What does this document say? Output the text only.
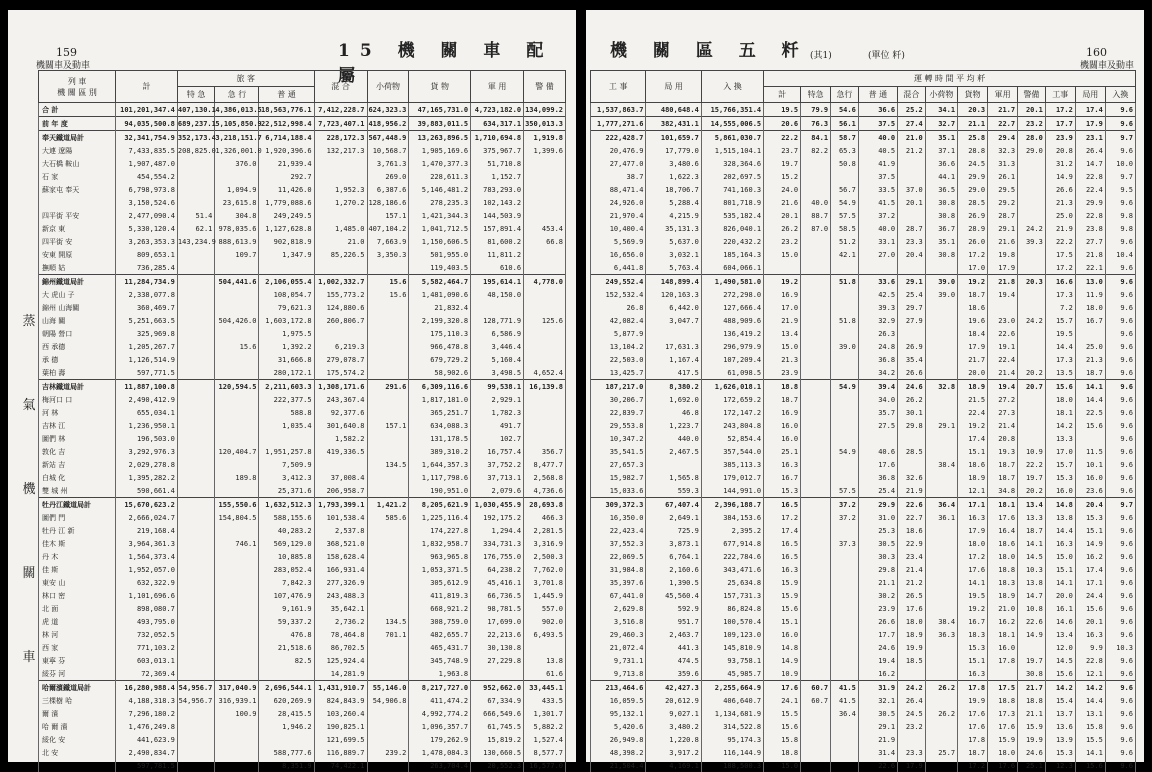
159
機關車及動車
15 機 關 車 配 屬
蒸
氣
機
關
車
列 車
機 關 區 別	計	旅 客			混 合	小荷物	貨 物	軍 用	警 備
		特 急	急 行	普 通					
合 計	101,201,347.4	407,130.1	4,386,013.5	18,563,776.1	7,412,228.7	624,323.3	47,165,731.0	4,723,182.0	134,099.2
前 年 度	94,035,500.8	689,237.1	5,105,850.9	22,512,998.4	7,723,407.1	418,956.2	39,883,011.5	634,317.1	350,013.3
奉天鐵道局計	32,341,754.9	352,173.4	3,218,151.7	6,714,188.4	228,172.3	567,448.9	13,263,896.5	1,710,694.8	1,919.8
大連 遼陽	7,433,835.5	208,825.0	1,326,001.0	1,920,396.6	132,217.3	10,568.7	1,905,169.6	375,967.7	1,399.6
大石橋 鞍山	1,907,487.0		376.0	21,939.4		3,761.3	1,470,377.3	51,710.8	
石 家	454,554.2			292.7		269.0	228,611.3	1,152.7	
蘇家屯 奉天	6,798,973.8		1,094.9	11,426.0	1,952.3	6,387.6	5,146,481.2	783,293.0	
	3,150,524.6		23,615.8	1,779,088.6	1,270.2	128,186.6	278,235.3	102,143.2	
四平街 平安	2,477,090.4	51.4	304.8	249,249.5		157.1	1,421,344.3	144,503.9	
新京 東	5,330,120.4	62.1	978,035.6	1,127,628.8	1,485.0	407,104.2	1,041,712.5	157,891.4	453.4
四平街 安	3,263,353.3	143,234.9	888,613.9	902,818.9	21.0	7,663.9	1,150,606.5	81,600.2	66.8
安東 開原	809,653.1		109.7	1,347.9	85,226.5	3,350.3	501,955.0	11,811.2	
撫順 姑	736,285.4						119,403.5	610.6	
錦州鐵道局計	11,284,734.9		504,441.6	2,106,055.4	1,002,332.7	15.6	5,582,464.7	195,614.1	4,778.0
大 虎山 子	2,338,077.8			108,054.7	155,773.2	15.6	1,481,090.6	48,150.0	
錦州 山海關	360,469.7			79,621.3	124,880.6		21,832.4		
山海 關	5,251,663.5		504,426.0	1,603,172.8	260,806.7		2,199,320.8	128,771.9	125.6
朝陽 營口	325,969.8			1,975.5			175,110.3	6,586.9	
西 承德	1,205,267.7		15.6	1,392.2	6,219.3		966,478.8	3,446.4	
承 德	1,126,514.9			31,666.8	279,078.7		679,729.2	5,160.4	
葉柏 壽	597,771.5			280,172.1	175,574.2		58,902.6	3,498.5	4,652.4
吉林鐵道局計	11,887,100.8		120,594.5	2,211,603.3	1,308,171.6	291.6	6,309,116.6	99,538.1	16,139.8
梅河口 口	2,490,412.9			222,377.5	243,367.4		1,817,181.0	2,929.1	
河 林	655,034.1			588.8	92,377.6		365,251.7	1,782.3	
吉林 江	1,236,950.1			1,035.4	301,640.8	157.1	634,088.3	491.7	
圖們 林	196,503.0				1,582.2		131,178.5	102.7	
敦化 吉	3,292,976.3		120,404.7	1,951,257.8	419,336.5		389,310.2	16,757.4	356.7
新站 吉	2,029,278.8			7,509.9		134.5	1,644,357.3	37,752.2	8,477.7
白城 化	1,395,282.2		189.8	3,412.3	37,008.4		1,117,798.6	37,713.1	2,568.8
雙 城 州	590,661.4			25,371.6	206,958.7		190,951.0	2,079.6	4,736.6
牡丹江鐵道局計	15,670,623.2		155,550.6	1,632,512.3	1,793,399.1	1,421.2	8,205,621.9	1,030,455.9	28,693.8
圖們 門	2,666,024.7		154,804.5	588,155.6	101,538.4	585.6	1,225,116.4	192,175.2	466.3
牡丹 江 新	219,168.4			40,283.2	2,537.8		174,227.8	1,294.4	2,281.5
佳木 斯	3,964,361.3		746.1	569,129.0	368,521.0		1,832,958.7	334,731.3	3,316.9
丹 木	1,564,373.4			10,885.8	158,628.4		963,965.8	176,755.0	2,500.3
佳 斯	1,952,057.0			283,052.4	166,931.4		1,053,371.5	64,238.2	7,762.0
東安 山	632,322.9			7,842.3	277,326.9		305,612.9	45,416.1	3,701.8
林口 密	1,101,696.6			107,476.9	243,488.3		411,819.3	66,736.5	1,445.9
北 面	898,080.7			9,161.9	35,642.1		668,921.2	98,781.5	557.0
虎 道	493,795.0			59,337.2	2,736.2	134.5	308,759.0	17,699.0	902.0
林 河	732,052.5			476.8	78,464.8	701.1	482,655.7	22,213.6	6,493.5
西 家	771,103.2			21,518.6	86,702.5		465,431.7	30,130.8	
東寧 芬	603,013.1			82.5	125,924.4		345,748.9	27,229.8	13.8
綏芬 河	72,369.4				14,281.9		1,963.8		61.6
哈爾濱鐵道局計	16,280,988.4	54,956.7	317,040.9	2,696,544.1	1,431,910.7	55,146.0	8,217,727.0	952,662.0	33,445.1
三棵樹 哈	4,188,318.3	54,956.7	316,939.1	620,269.9	824,843.9	54,906.8	411,474.2	67,334.9	433.5
爾 濱	7,296,180.2		100.9	28,415.5	103,260.4		4,992,774.2	666,549.6	1,301.7
哈 爾 濱	1,476,249.8			1,946.2	190,825.1		1,096,357.7	61,745.5	5,882.2
綏化 安	441,623.9				121,699.5		179,262.9	15,819.2	1,527.4
北 安	2,490,834.7			588,777.6	116,889.7	239.2	1,478,084.3	130,660.5	8,577.7
	597,781.5			8,351.9	74,422.1		263,704.4	20,552.3	16,577.0
機 關 區 五 粁 (其1)	(單位 粁)	160
機關車及動車
工 事	局 用	入 換	運 轉 時 間 平 均 粁											
			計	特急	急行	普 通	混合	小荷物	貨物	軍用	警備	工事	局用	入換
1,537,863.7	480,648.4	15,766,351.4	19.5	79.9	54.6	36.6	25.2	34.1	20.3	21.7	20.1	17.2	17.4	9.6
1,777,271.6	382,431.1	14,555,006.5	20.6	76.3	56.1	37.5	27.4	32.7	21.1	22.7	23.2	17.7	17.9	9.6
222,428.7	101,659.7	5,861,030.7	22.2	84.1	58.7	40.0	21.0	35.1	25.8	29.4	28.0	23.9	23.1	9.7
20,476.9	17,779.0	1,515,104.1	23.7	82.2	65.3	40.5	21.2	37.1	28.8	32.3	29.0	20.8	26.4	9.6
27,477.0	3,480.6	328,364.6	19.7		50.8	41.9		36.6	24.5	31.3		31.2	14.7	10.0
38.7	1,622.3	202,697.5	15.2			37.5		44.1	29.9	26.1		14.9	22.8	9.7
88,471.4	18,706.7	741,160.3	24.0		56.7	33.5	37.0	36.5	29.0	29.5		26.6	22.4	9.5
24,926.0	5,288.4	801,718.9	21.6	40.0	54.9	41.5	20.1	30.8	28.5	29.2		21.3	29.9	9.6
21,970.4	4,215.9	535,182.4	20.1	88.7	57.5	37.2		30.8	26.9	28.7		25.0	22.8	9.8
10,400.4	35,131.3	826,040.1	26.2	87.0	58.5	40.0	28.7	36.7	28.9	29.1	24.2	21.9	23.8	9.8
5,569.9	5,637.0	220,432.2	23.2		51.2	33.1	23.3	35.1	26.0	21.6	39.3	22.2	27.7	9.6
16,656.0	3,032.1	185,164.3	15.0		42.1	27.0	20.4	30.8	17.2	19.8		17.5	21.8	10.4
6,441.8	5,763.4	604,066.1							17.0	17.9		17.2	22.1	9.6
249,552.4	148,899.4	1,490,581.0	19.2		51.8	33.6	29.1	39.0	19.2	21.8	20.3	16.6	13.0	9.6
152,532.4	120,163.3	272,298.0	16.9			42.5	25.4	39.0	18.7	19.4		17.3	11.9	9.6
26.8	6,442.0	127,666.4	17.0			39.3	29.7		18.6			7.2	18.0	9.6
42,082.4	3,047.7	488,909.6	21.9		51.8	32.9	27.9		19.6	23.0	24.2	15.7	16.7	9.6
5,877.9		136,419.2	13.4			26.3			18.4	22.6		19.5		9.6
13,104.2	17,631.3	296,979.9	15.0		39.0	24.8	26.9		17.9	19.1		14.4	25.0	9.6
22,503.0	1,167.4	107,209.4	21.3			36.8	35.4		21.7	22.4		17.3	21.3	9.6
13,425.7	417.5	61,098.5	23.9			34.2	26.6		20.0	21.4	20.2	13.5	18.7	9.6
187,217.0	8,380.2	1,626,018.1	18.8		54.9	39.4	24.6	32.8	18.9	19.4	20.7	15.6	14.1	9.6
30,206.7	1,692.0	172,659.2	18.7			34.0	26.2		21.5	27.2		18.0	14.4	9.6
22,839.7	46.8	172,147.2	16.9			35.7	30.1		22.4	27.3		18.1	22.5	9.6
29,553.8	1,223.7	243,804.8	16.0			27.5	29.8	29.1	19.2	21.4		14.2	15.6	9.6
10,347.2	440.0	52,854.4	16.0						17.4	20.8		13.3		9.6
35,541.5	2,467.5	357,544.0	25.1		54.9	40.6	28.5		15.1	19.3	10.9	17.0	11.5	9.6
27,657.3		385,113.3	16.3			17.6		38.4	18.6	18.7	22.2	15.7	10.1	9.6
15,982.7	1,565.8	179,012.7	16.7			36.8	32.6		18.9	18.7	19.7	15.3	16.0	9.6
15,033.6	559.3	144,991.0	15.3		57.5	25.4	21.9		12.1	34.8	20.2	16.0	23.6	9.6
309,372.3	67,407.4	2,396,188.7	16.5		37.2	29.9	22.6	36.4	17.1	18.1	13.4	14.8	20.4	9.7
16,350.0	2,649.1	384,153.6	17.2		37.2	31.0	22.7	36.1	16.3	17.6	13.3	13.8	15.3	9.6
22,423.4	725.9	2,395.2	17.4			25.3	18.6		17.9	16.4	18.7	14.4	15.1	9.6
37,552.3	3,873.1	677,914.8	16.5		37.3	30.5	22.9		18.0	18.6	14.1	16.3	14.9	9.6
22,069.5	6,764.1	222,784.6	16.5			30.3	23.4		17.2	18.0	14.5	15.0	16.2	9.6
31,984.8	2,160.6	343,471.6	16.3			29.8	21.4		17.6	18.8	10.3	15.1	17.4	9.6
35,397.6	1,390.5	25,634.8	15.9			21.1	21.2		14.1	18.3	13.8	14.1	17.1	9.6
67,441.0	45,560.4	157,731.3	15.9			30.2	26.5		19.5	18.9	14.7	20.0	24.4	9.6
2,629.8	592.9	86,824.8	15.6			23.9	17.6		19.2	21.0	10.8	16.1	15.6	9.6
3,516.8	951.7	100,570.4	15.1			26.6	18.0	38.4	16.7	16.2	22.6	14.6	20.1	9.6
29,460.3	2,463.7	109,123.0	16.0			17.7	18.9	36.3	18.3	18.1	14.9	13.4	16.3	9.6
21,072.4	441.3	145,810.9	14.8			24.6	19.9		15.3	16.0		12.0	9.9	10.3
9,731.1	474.5	93,758.1	14.9			19.4	18.5		15.1	17.8	19.7	14.5	22.8	9.6
9,713.8	359.6	45,985.7	10.9			16.2			16.3		30.8	15.6	12.1	9.6
213,464.6	42,427.3	2,255,664.9	17.6	60.7	41.5	31.9	24.2	26.2	17.8	17.5	21.7	14.2	14.2	9.6
16,059.5	20,612.9	406,640.7	24.1	60.7	41.5	32.1	26.4		19.9	18.8	18.8	15.4	14.4	9.6
95,132.1	9,027.1	1,134,681.9	15.5		36.4	30.5	24.5	26.2	17.6	17.3	21.1	13.7	13.1	9.6
5,420.6	3,480.2	314,522.8	15.6			29.1	23.2		17.6	17.6	15.9	13.6	15.8	9.6
26,949.8	1,220.8	95,174.3	15.8			21.9			17.8	15.9	19.9	13.9	15.5	9.6
48,398.2	3,917.2	116,144.9	18.8			31.4	23.3	25.7	18.7	18.0	24.6	15.3	14.1	9.6
21,504.4	4,169.1	188,500.3	15.0			22.6	17.9		17.2	17.6	25.1	12.3	15.6	9.6
